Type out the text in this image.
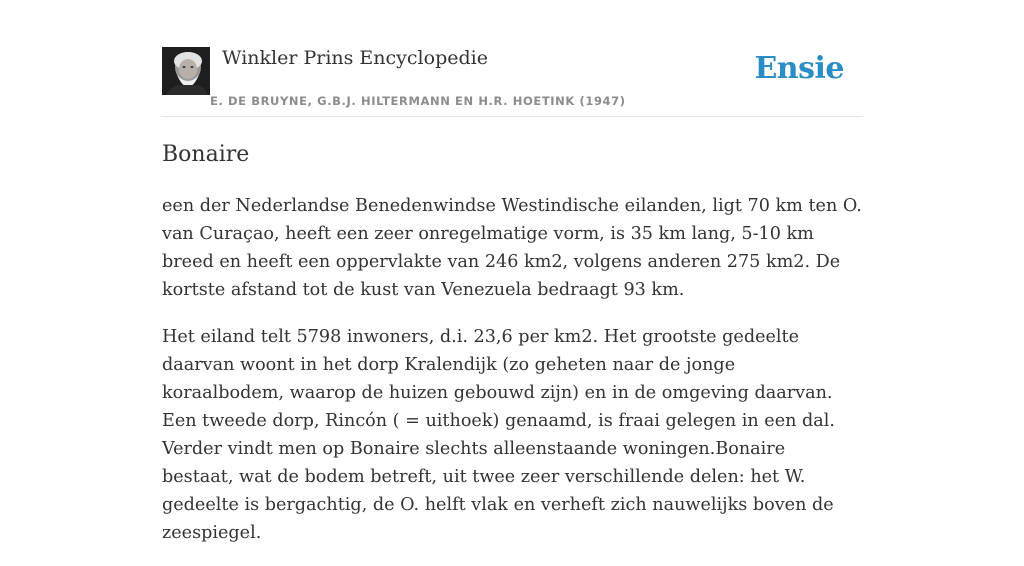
Winkler Prins Encyclopedie
E. DE BRUYNE, G.B.J. HILTERMANN EN H.R. HOETINK (1947)
Ensie
Bonaire

een der Nederlandse Benedenwindse Westindische eilanden, ligt 70 km ten O. van Curaçao, heeft een zeer onregelmatige vorm, is 35 km lang, 5-10 km breed en heeft een oppervlakte van 246 km2, volgens anderen 275 km2. De kortste afstand tot de kust van Venezuela bedraagt 93 km.

Het eiland telt 5798 inwoners, d.i. 23,6 per km2. Het grootste gedeelte daarvan woont in het dorp Kralendijk (zo geheten naar de jonge koraalbodem, waarop de huizen gebouwd zijn) en in de omgeving daarvan. Een tweede dorp, Rincón ( = uithoek) genaamd, is fraai gelegen in een dal. Verder vindt men op Bonaire slechts alleenstaande woningen.Bonaire bestaat, wat de bodem betreft, uit twee zeer verschillende delen: het W. gedeelte is bergachtig, de O. helft vlak en verheft zich nauwelijks boven de zeespiegel.
